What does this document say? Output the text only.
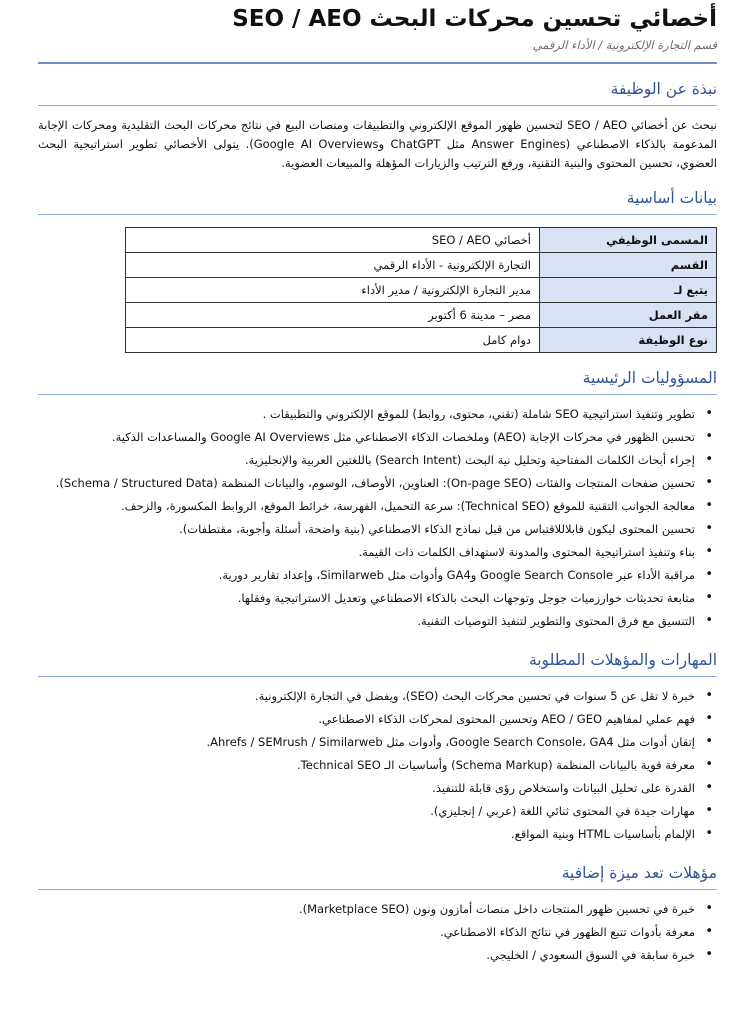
أخصائي تحسين محركات البحث SEO / AEO

قسم التجارة الإلكترونية / الأداء الرقمي

نبذة عن الوظيفة

نبحث عن أخصائي SEO / AEO لتحسين ظهور الموقع الإلكتروني والتطبيقات ومنصات البيع في نتائج محركات البحث التقليدية ومحركات الإجابة المدعومة بالذكاء الاصطناعي (Answer Engines مثل ChatGPT وGoogle AI Overviews). يتولى الأخصائي تطوير استراتيجية البحث العضوي، تحسين المحتوى والبنية التقنية، ورفع الترتيب والزيارات المؤهلة والمبيعات العضوية.

بيانات أساسية
المسمى الوظيفي	أخصائي SEO / AEO
القسم	التجارة الإلكترونية - الأداء الرقمي
يتبع لـ	مدير التجارة الإلكترونية / مدير الأداء
مقر العمل	مصر – مدينة 6 أكتوبر
نوع الوظيفة	دوام كامل
المسؤوليات الرئيسية
• تطوير وتنفيذ استراتيجية SEO شاملة (تقني، محتوى، روابط) للموقع الإلكتروني والتطبيقات .
• تحسين الظهور في محركات الإجابة (AEO) وملخصات الذكاء الاصطناعي مثل Google AI Overviews والمساعدات الذكية.
• إجراء أبحاث الكلمات المفتاحية وتحليل نية البحث (Search Intent) باللغتين العربية والإنجليزية.
• تحسين صفحات المنتجات والفئات (On-page SEO): العناوين، الأوصاف، الوسوم، والبيانات المنظمة (Schema / Structured Data).
• معالجة الجوانب التقنية للموقع (Technical SEO): سرعة التحميل، الفهرسة، خرائط الموقع، الروابط المكسورة، والزحف.
• تحسين المحتوى ليكون قابلاللاقتباس من قبل نماذج الذكاء الاصطناعي (بنية واضحة، أسئلة وأجوبة، مقتطفات).
• بناء وتنفيذ استراتيجية المحتوى والمدونة لاستهداف الكلمات ذات القيمة.
• مراقبة الأداء عبر Google Search Console وGA4 وأدوات مثل Similarweb، وإعداد تقارير دورية.
• متابعة تحديثات خوارزميات جوجل وتوجهات البحث بالذكاء الاصطناعي وتعديل الاستراتيجية وفقلها.
• التنسيق مع فرق المحتوى والتطوير لتنفيذ التوصيات التقنية.
المهارات والمؤهلات المطلوبة
• خبرة لا تقل عن 5 سنوات في تحسين محركات البحث (SEO)، ويفضل في التجارة الإلكترونية.
• فهم عملي لمفاهيم AEO / GEO وتحسين المحتوى لمحركات الذكاء الاصطناعي.
• إتقان أدوات مثل Google Search Console، GA4، وأدوات مثل Ahrefs / SEMrush / Similarweb.
• معرفة قوية بالبيانات المنظمة (Schema Markup) وأساسيات الـ Technical SEO.
• القدرة على تحليل البيانات واستخلاص رؤى قابلة للتنفيذ.
• مهارات جيدة في المحتوى ثنائي اللغة (عربي / إنجليزي).
• الإلمام بأساسيات HTML وبنية المواقع.
مؤهلات تعد ميزة إضافية
• خبرة في تحسين ظهور المنتجات داخل منصات أمازون ونون (Marketplace SEO).
• معرفة بأدوات تتبع الظهور في نتائج الذكاء الاصطناعي.
• خبرة سابقة في السوق السعودي / الخليجي.
